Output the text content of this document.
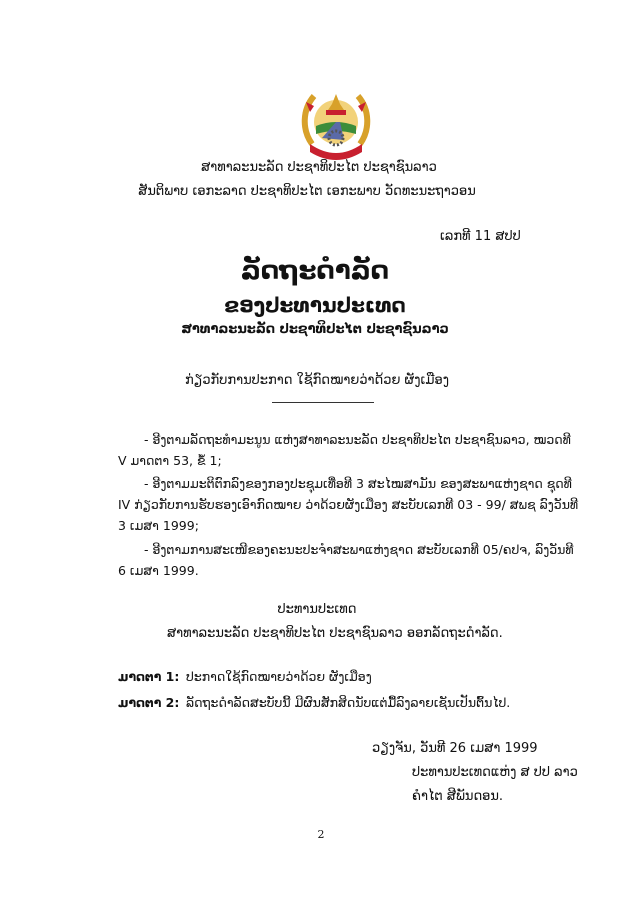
ສາທາລະນະລັດ ປະຊາທິປະໄຕ ປະຊາຊົນລາວ
ສັນຕິພາບ ເອກະລາດ ປະຊາທິປະໄຕ ເອກະພາບ ວັດທະນະຖາວອນ
ເລກທີ 11 ສປປ
ລັດຖະດຳລັດ
ຂອງປະທານປະເທດ
ສາທາລະນະລັດ ປະຊາທິປະໄຕ ປະຊາຊົນລາວ
ກ່ຽວກັບການປະກາດ ໃຊ້ກົດໝາຍວ່າດ້ວຍ ຜັງເມືອງ
- ອີງຕາມລັດຖະທຳມະນູນ ແຫ່ງສາທາລະນະລັດ ປະຊາທິປະໄຕ ປະຊາຊົນລາວ, ໝວດທີ V ມາດຕາ 53, ຂໍ້ 1;
- ອີງຕາມມະຕິຕົກລົງຂອງກອງປະຊຸມເທື່ອທີ 3 ສະໄໝສາມັນ ຂອງສະພາແຫ່ງຊາດ ຊຸດທີ IV ກ່ຽວກັບການຮັບຮອງເອົາກົດໝາຍ ວ່າດ້ວຍຜັງເມືອງ ສະບັບເລກທີ 03 - 99/ ສພຊ ລົງວັນທີ 3 ເມສາ 1999;
- ອີງຕາມການສະເໜີຂອງຄະນະປະຈຳສະພາແຫ່ງຊາດ ສະບັບເລກທີ 05/ຄປຈ, ລົງວັນທີ 6 ເມສາ 1999.
ປະທານປະເທດ
ສາທາລະນະລັດ ປະຊາທິປະໄຕ ປະຊາຊົນລາວ ອອກລັດຖະດຳລັດ.
ມາດຕາ 1: ປະກາດໃຊ້ກົດໝາຍວ່າດ້ວຍ ຜັງເມືອງ
ມາດຕາ 2: ລັດຖະດຳລັດສະບັບນີ້ ມີຜົນສັກສິດນັບແຕ່ມື້ລົງລາຍເຊັນເປັນຕົ້ນໄປ.
ວຽງຈັນ, ວັນທີ 26 ເມສາ 1999
ປະທານປະເທດແຫ່ງ ສ ປປ ລາວ
ຄຳໄຕ ສີພັນດອນ.
2
